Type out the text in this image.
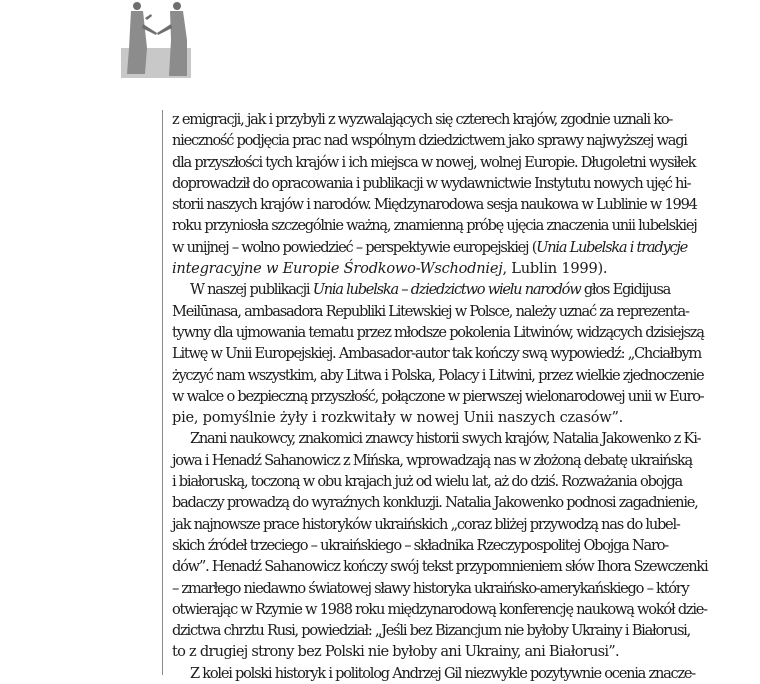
z emigracji, jak i przybyli z wyzwalających się czterech krajów, zgodnie uznali ko-
nieczność podjęcia prac nad wspólnym dziedzictwem jako sprawy najwyższej wagi
dla przyszłości tych krajów i ich miejsca w nowej, wolnej Europie. Długoletni wysiłek
doprowadził do opracowania i publikacji w wydawnictwie Instytutu nowych ujęć hi-
storii naszych krajów i narodów. Międzynarodowa sesja naukowa w Lublinie w 1994
roku przyniosła szczególnie ważną, znamienną próbę ujęcia znaczenia unii lubelskiej
w unijnej – wolno powiedzieć – perspektywie europejskiej (Unia Lubelska i tradycje
integracyjne w Europie Środkowo-Wschodniej, Lublin 1999).
W naszej publikacji Unia lubelska – dziedzictwo wielu narodów głos Egidijusa
Meilūnasa, ambasadora Republiki Litewskiej w Polsce, należy uznać za reprezenta-
tywny dla ujmowania tematu przez młodsze pokolenia Litwinów, widzących dzisiejszą
Litwę w Unii Europejskiej. Ambasador-autor tak kończy swą wypowiedź: „Chciałbym
życzyć nam wszystkim, aby Litwa i Polska, Polacy i Litwini, przez wielkie zjednoczenie
w walce o bezpieczną przyszłość, połączone w pierwszej wielonarodowej unii w Euro-
pie, pomyślnie żyły i rozkwitały w nowej Unii naszych czasów”.
Znani naukowcy, znakomici znawcy historii swych krajów, Natalia Jakowenko z Ki-
jowa i Henadź Sahanowicz z Mińska, wprowadzają nas w złożoną debatę ukraińską
i białoruską, toczoną w obu krajach już od wielu lat, aż do dziś. Rozważania obojga
badaczy prowadzą do wyraźnych konkluzji. Natalia Jakowenko podnosi zagadnienie,
jak najnowsze prace historyków ukraińskich „coraz bliżej przywodzą nas do lubel-
skich źródeł trzeciego – ukraińskiego – składnika Rzeczypospolitej Obojga Naro-
dów”. Henadź Sahanowicz kończy swój tekst przypomnieniem słów Ihora Szewczenki
– zmarłego niedawno światowej sławy historyka ukraińsko-amerykańskiego – który
otwierając w Rzymie w 1988 roku międzynarodową konferencję naukową wokół dzie-
dzictwa chrztu Rusi, powiedział: „Jeśli bez Bizancjum nie byłoby Ukrainy i Białorusi,
to z drugiej strony bez Polski nie byłoby ani Ukrainy, ani Białorusi”.
Z kolei polski historyk i politolog Andrzej Gil niezwykle pozytywnie ocenia znacze-
